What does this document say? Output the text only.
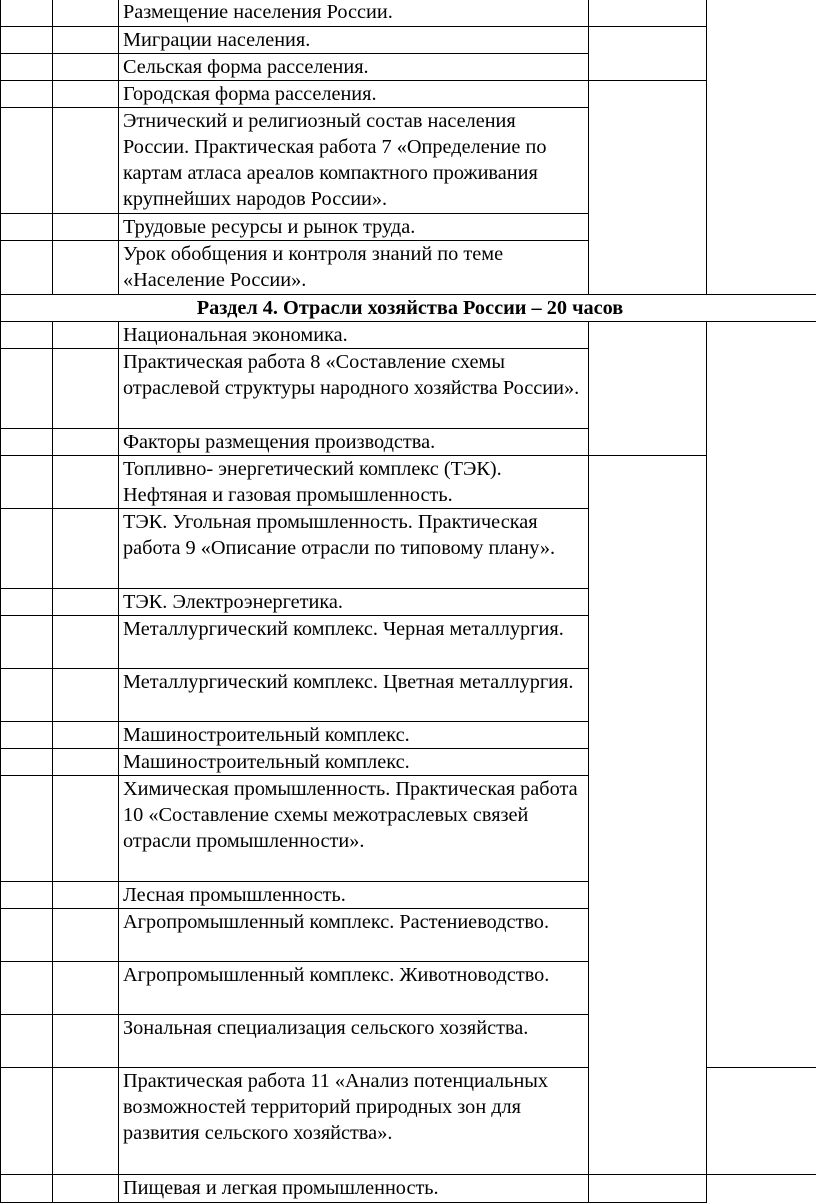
		Размещение населения России.		

		Миграции населения.		

		Сельская форма расселения.		

		Городская форма расселения.		

		Этнический и религиозный состав населения России. Практическая работа 7 «Определение по картам атласа ареалов компактного проживания крупнейших народов России».		

		Трудовые ресурсы и рынок труда.		

		Урок обобщения и контроля знаний по теме «Население России».		

Раздел 4. Отрасли хозяйства России – 20 часов				

		Национальная экономика.		

		Практическая работа 8 «Составление схемы отраслевой структуры народного хозяйства России».		

		Факторы размещения производства.		

		Топливно- энергетический комплекс (ТЭК). Нефтяная и газовая промышленность.		

		ТЭК. Угольная промышленность. Практическая работа 9 «Описание отрасли по типовому плану».		

		ТЭК. Электроэнергетика.		

		Металлургический комплекс. Черная металлургия.		

		Металлургический комплекс. Цветная металлургия.		

		Машиностроительный комплекс.		

		Машиностроительный комплекс.		

		Химическая промышленность. Практическая работа 10 «Составление схемы межотраслевых связей отрасли промышленности».		

		Лесная промышленность.		

		Агропромышленный комплекс. Растениеводство.		

		Агропромышленный комплекс. Животноводство.		

		Зональная специализация сельского хозяйства.		

		Практическая работа 11 «Анализ потенциальных возможностей территорий природных зон для развития сельского хозяйства».		

		Пищевая и легкая промышленность.		
